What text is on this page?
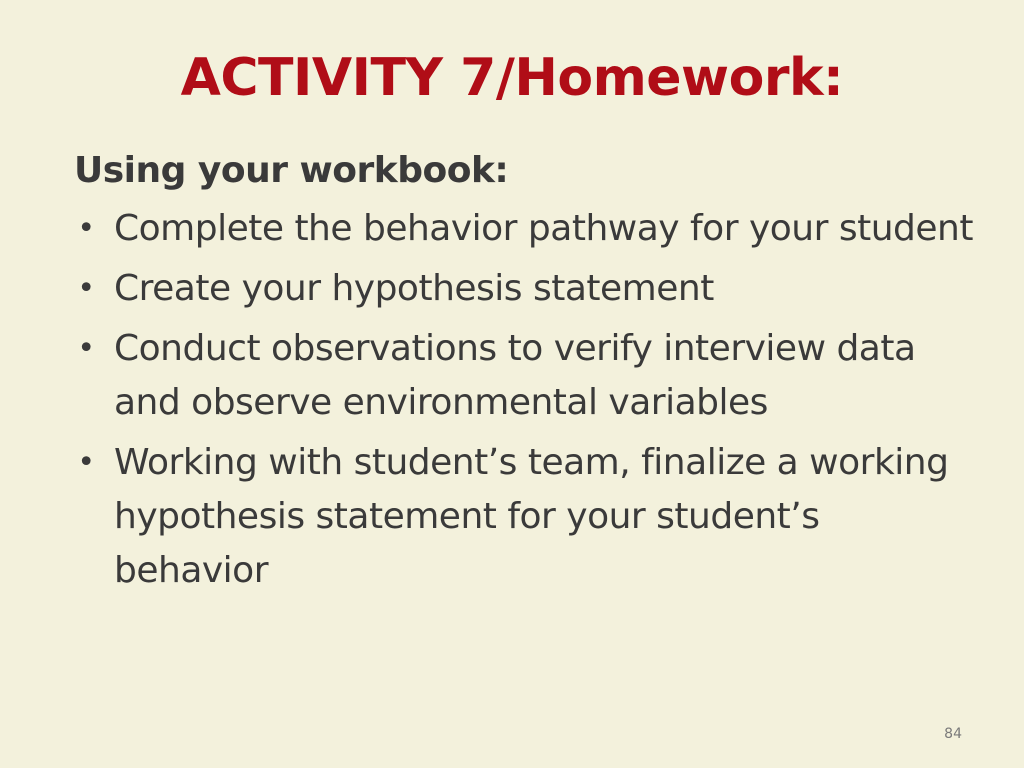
ACTIVITY 7/Homework:
Using your workbook:
• Complete the behavior pathway for your student
• Create your hypothesis statement
• Conduct observations to verify interview data and observe environmental variables
• Working with student’s team, finalize a working hypothesis statement for your student’s behavior
84
